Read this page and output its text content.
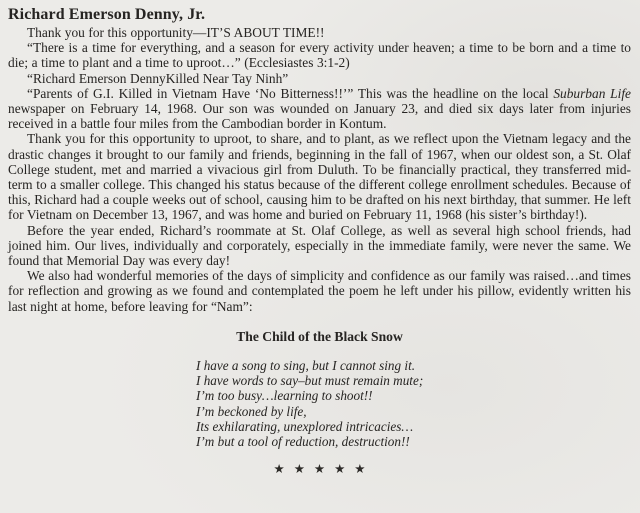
Richard Emerson Denny, Jr.

Thank you for this opportunity—IT’S ABOUT TIME!!

“There is a time for everything, and a season for every activity under heaven; a time to be born and a time to die; a time to plant and a time to uproot…” (Ecclesiastes 3:1-2)

“Richard Emerson DennyKilled Near Tay Ninh”

“Parents of G.I. Killed in Vietnam Have ‘No Bitterness!!’” This was the headline on the local Suburban Life newspaper on February 14, 1968. Our son was wounded on January 23, and died six days later from injuries received in a battle four miles from the Cambodian border in Kontum.

Thank you for this opportunity to uproot, to share, and to plant, as we reflect upon the Vietnam legacy and the drastic changes it brought to our family and friends, beginning in the fall of 1967, when our oldest son, a St. Olaf College student, met and married a vivacious girl from Duluth. To be financially practical, they transferred mid-term to a smaller college. This changed his status because of the different college enrollment schedules. Because of this, Richard had a couple weeks out of school, causing him to be drafted on his next birthday, that summer. He left for Vietnam on December 13, 1967, and was home and buried on February 11, 1968 (his sister’s birthday!).

Before the year ended, Richard’s roommate at St. Olaf College, as well as several high school friends, had joined him. Our lives, individually and corporately, especially in the immediate family, were never the same. We found that Memorial Day was every day!

We also had wonderful memories of the days of simplicity and confidence as our family was raised…and times for reflection and growing as we found and contemplated the poem he left under his pillow, evidently written his last night at home, before leaving for “Nam”:

The Child of the Black Snow
I have a song to sing, but I cannot sing it.
I have words to say–but must remain mute;
I’m too busy…learning to shoot!!
I’m beckoned by life,
Its exhilarating, unexplored intricacies…
I’m but a tool of reduction, destruction!!
★★★★★
